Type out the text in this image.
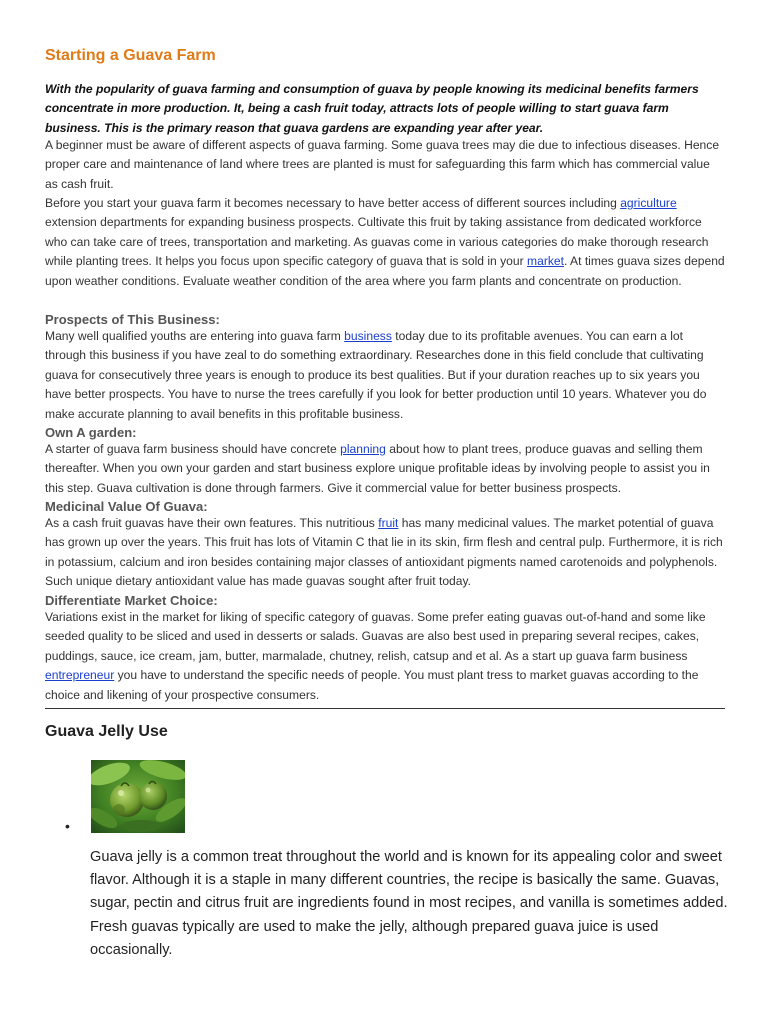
Starting a Guava Farm

With the popularity of guava farming and consumption of guava by people knowing its medicinal benefits farmers concentrate in more production. It, being a cash fruit today, attracts lots of people willing to start guava farm business. This is the primary reason that guava gardens are expanding year after year.

A beginner must be aware of different aspects of guava farming. Some guava trees may die due to infectious diseases. Hence proper care and maintenance of land where trees are planted is must for safeguarding this farm which has commercial value as cash fruit.

Before you start your guava farm it becomes necessary to have better access of different sources including agriculture extension departments for expanding business prospects. Cultivate this fruit by taking assistance from dedicated workforce who can take care of trees, transportation and marketing. As guavas come in various categories do make thorough research while planting trees. It helps you focus upon specific category of guava that is sold in your market. At times guava sizes depend upon weather conditions. Evaluate weather condition of the area where you farm plants and concentrate on production.

Prospects of This Business:

Many well qualified youths are entering into guava farm business today due to its profitable avenues. You can earn a lot through this business if you have zeal to do something extraordinary. Researches done in this field conclude that cultivating guava for consecutively three years is enough to produce its best qualities. But if your duration reaches up to six years you have better prospects. You have to nurse the trees carefully if you look for better production until 10 years. Whatever you do make accurate planning to avail benefits in this profitable business.

Own A garden:

A starter of guava farm business should have concrete planning about how to plant trees, produce guavas and selling them thereafter. When you own your garden and start business explore unique profitable ideas by involving people to assist you in this step. Guava cultivation is done through farmers. Give it commercial value for better business prospects.

Medicinal Value Of Guava:

As a cash fruit guavas have their own features. This nutritious fruit has many medicinal values. The market potential of guava has grown up over the years. This fruit has lots of Vitamin C that lie in its skin, firm flesh and central pulp. Furthermore, it is rich in potassium, calcium and iron besides containing major classes of antioxidant pigments named carotenoids and polyphenols. Such unique dietary antioxidant value has made guavas sought after fruit today.

Differentiate Market Choice:

Variations exist in the market for liking of specific category of guavas. Some prefer eating guavas out-of-hand and some like seeded quality to be sliced and used in desserts or salads. Guavas are also best used in preparing several recipes, cakes, puddings, sauce, ice cream, jam, butter, marmalade, chutney, relish, catsup and et al. As a start up guava farm business entrepreneur you have to understand the specific needs of people. You must plant tress to market guavas according to the choice and likening of your prospective consumers.

Guava Jelly Use
•

Guava jelly is a common treat throughout the world and is known for its appealing color and sweet flavor. Although it is a staple in many different countries, the recipe is basically the same. Guavas, sugar, pectin and citrus fruit are ingredients found in most recipes, and vanilla is sometimes added. Fresh guavas typically are used to make the jelly, although prepared guava juice is used occasionally.
